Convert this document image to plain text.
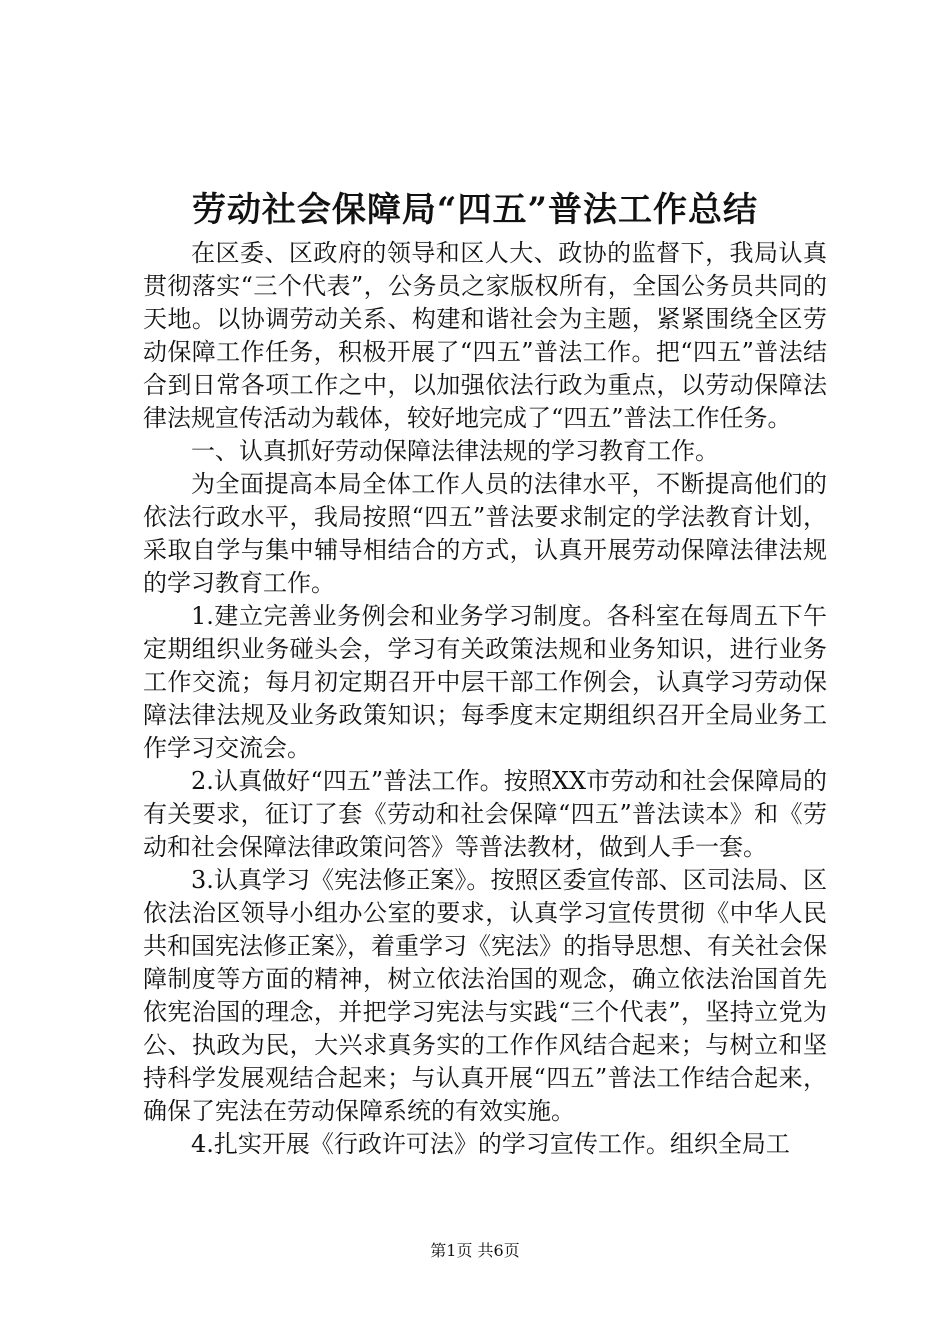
劳动社会保障局“四五”普法工作总结

在区委、区政府的领导和区人大、政协的监督下，我局认真贯彻落实“三个代表”，公务员之家版权所有，全国公务员共同的天地。以协调劳动关系、构建和谐社会为主题，紧紧围绕全区劳动保障工作任务，积极开展了“四五”普法工作。把“四五”普法结合到日常各项工作之中，以加强依法行政为重点，以劳动保障法律法规宣传活动为载体，较好地完成了“四五”普法工作任务。

一、认真抓好劳动保障法律法规的学习教育工作。

为全面提高本局全体工作人员的法律水平，不断提高他们的依法行政水平，我局按照“四五”普法要求制定的学法教育计划，采取自学与集中辅导相结合的方式，认真开展劳动保障法律法规的学习教育工作。

1.建立完善业务例会和业务学习制度。各科室在每周五下午定期组织业务碰头会，学习有关政策法规和业务知识，进行业务工作交流；每月初定期召开中层干部工作例会，认真学习劳动保障法律法规及业务政策知识；每季度末定期组织召开全局业务工作学习交流会。

2.认真做好“四五”普法工作。按照XX市劳动和社会保障局的有关要求，征订了套《劳动和社会保障“四五”普法读本》和《劳动和社会保障法律政策问答》等普法教材，做到人手一套。

3.认真学习《宪法修正案》。按照区委宣传部、区司法局、区依法治区领导小组办公室的要求，认真学习宣传贯彻《中华人民共和国宪法修正案》，着重学习《宪法》的指导思想、有关社会保障制度等方面的精神，树立依法治国的观念，确立依法治国首先依宪治国的理念，并把学习宪法与实践“三个代表”，坚持立党为公、执政为民，大兴求真务实的工作作风结合起来；与树立和坚持科学发展观结合起来；与认真开展“四五”普法工作结合起来，确保了宪法在劳动保障系统的有效实施。

4.扎实开展《行政许可法》的学习宣传工作。组织全局工

第1页 共6页
